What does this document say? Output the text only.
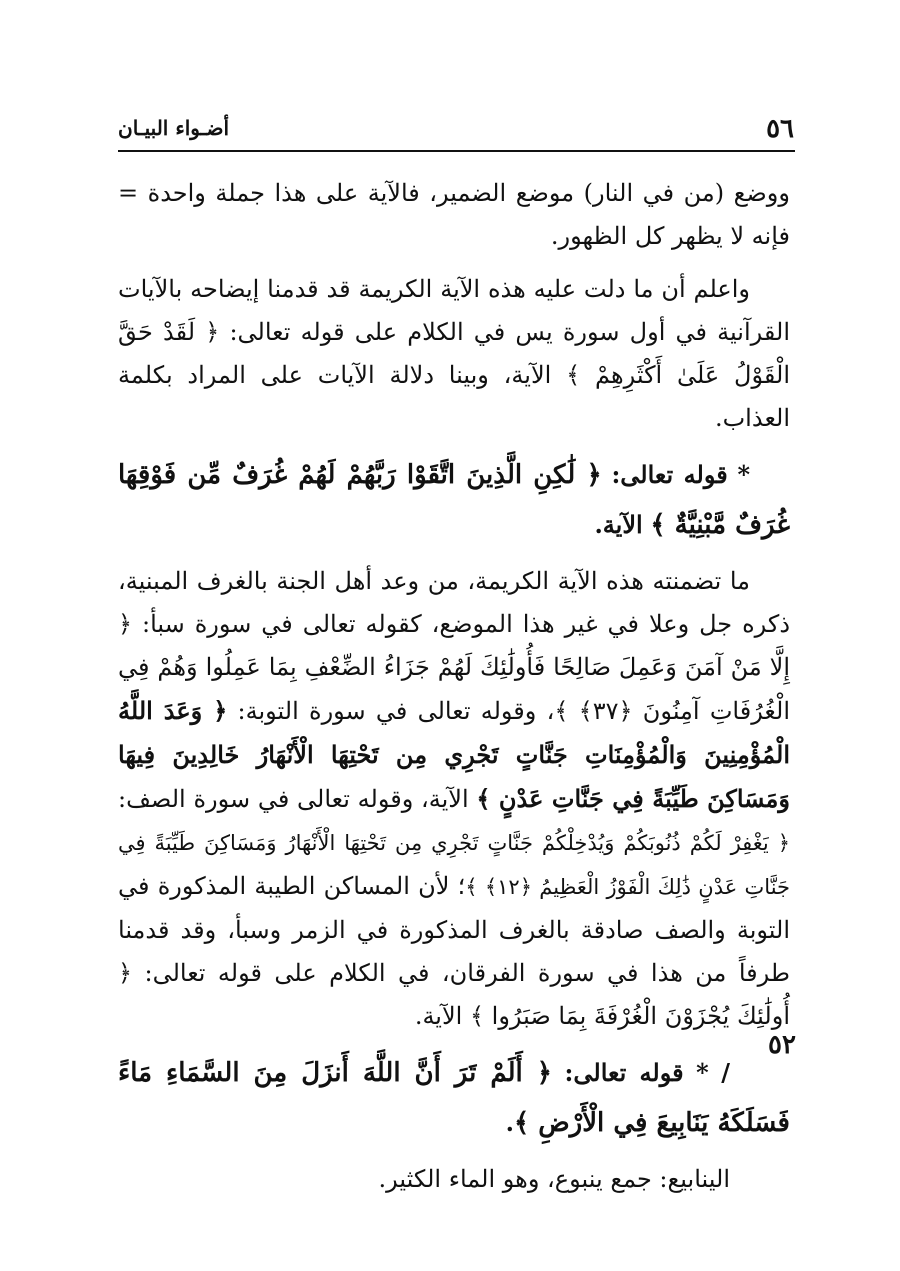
٥٦
أضـواء البيـان

ووضع (من في النار) موضع الضمير، فالآية على هذا جملة واحدة = فإنه لا يظهر كل الظهور.

واعلم أن ما دلت عليه هذه الآية الكريمة قد قدمنا إيضاحه بالآيات القرآنية في أول سورة يس في الكلام على قوله تعالى: ﴿ لَقَدْ حَقَّ الْقَوْلُ عَلَىٰ أَكْثَرِهِمْ ﴾ الآية، وبينا دلالة الآيات على المراد بكلمة العذاب.

* قوله تعالى: ﴿ لَٰكِنِ الَّذِينَ اتَّقَوْا رَبَّهُمْ لَهُمْ غُرَفٌ مِّن فَوْقِهَا غُرَفٌ مَّبْنِيَّةٌ ﴾ الآية.

ما تضمنته هذه الآية الكريمة، من وعد أهل الجنة بالغرف المبنية، ذكره جل وعلا في غير هذا الموضع، كقوله تعالى في سورة سبأ: ﴿ إِلَّا مَنْ آمَنَ وَعَمِلَ صَالِحًا فَأُولَٰئِكَ لَهُمْ جَزَاءُ الضِّعْفِ بِمَا عَمِلُوا وَهُمْ فِي الْغُرُفَاتِ آمِنُونَ ﴿٣٧﴾ ﴾، وقوله تعالى في سورة التوبة: ﴿ وَعَدَ اللَّهُ الْمُؤْمِنِينَ وَالْمُؤْمِنَاتِ جَنَّاتٍ تَجْرِي مِن تَحْتِهَا الْأَنْهَارُ خَالِدِينَ فِيهَا وَمَسَاكِنَ طَيِّبَةً فِي جَنَّاتِ عَدْنٍ ﴾ الآية، وقوله تعالى في سورة الصف: ﴿ يَغْفِرْ لَكُمْ ذُنُوبَكُمْ وَيُدْخِلْكُمْ جَنَّاتٍ تَجْرِي مِن تَحْتِهَا الْأَنْهَارُ وَمَسَاكِنَ طَيِّبَةً فِي جَنَّاتِ عَدْنٍ ذَٰلِكَ الْفَوْزُ الْعَظِيمُ ﴿١٢﴾ ﴾؛ لأن المساكن الطيبة المذكورة في التوبة والصف صادقة بالغرف المذكورة في الزمر وسبأ، وقد قدمنا طرفاً من هذا في سورة الفرقان، في الكلام على قوله تعالى: ﴿ أُولَٰئِكَ يُجْزَوْنَ الْغُرْفَةَ بِمَا صَبَرُوا ﴾ الآية.

/ * قوله تعالى: ﴿ أَلَمْ تَرَ أَنَّ اللَّهَ أَنزَلَ مِنَ السَّمَاءِ مَاءً فَسَلَكَهُ يَنَابِيعَ فِي الْأَرْضِ ﴾.

الينابيع: جمع ينبوع، وهو الماء الكثير.

٥٢
